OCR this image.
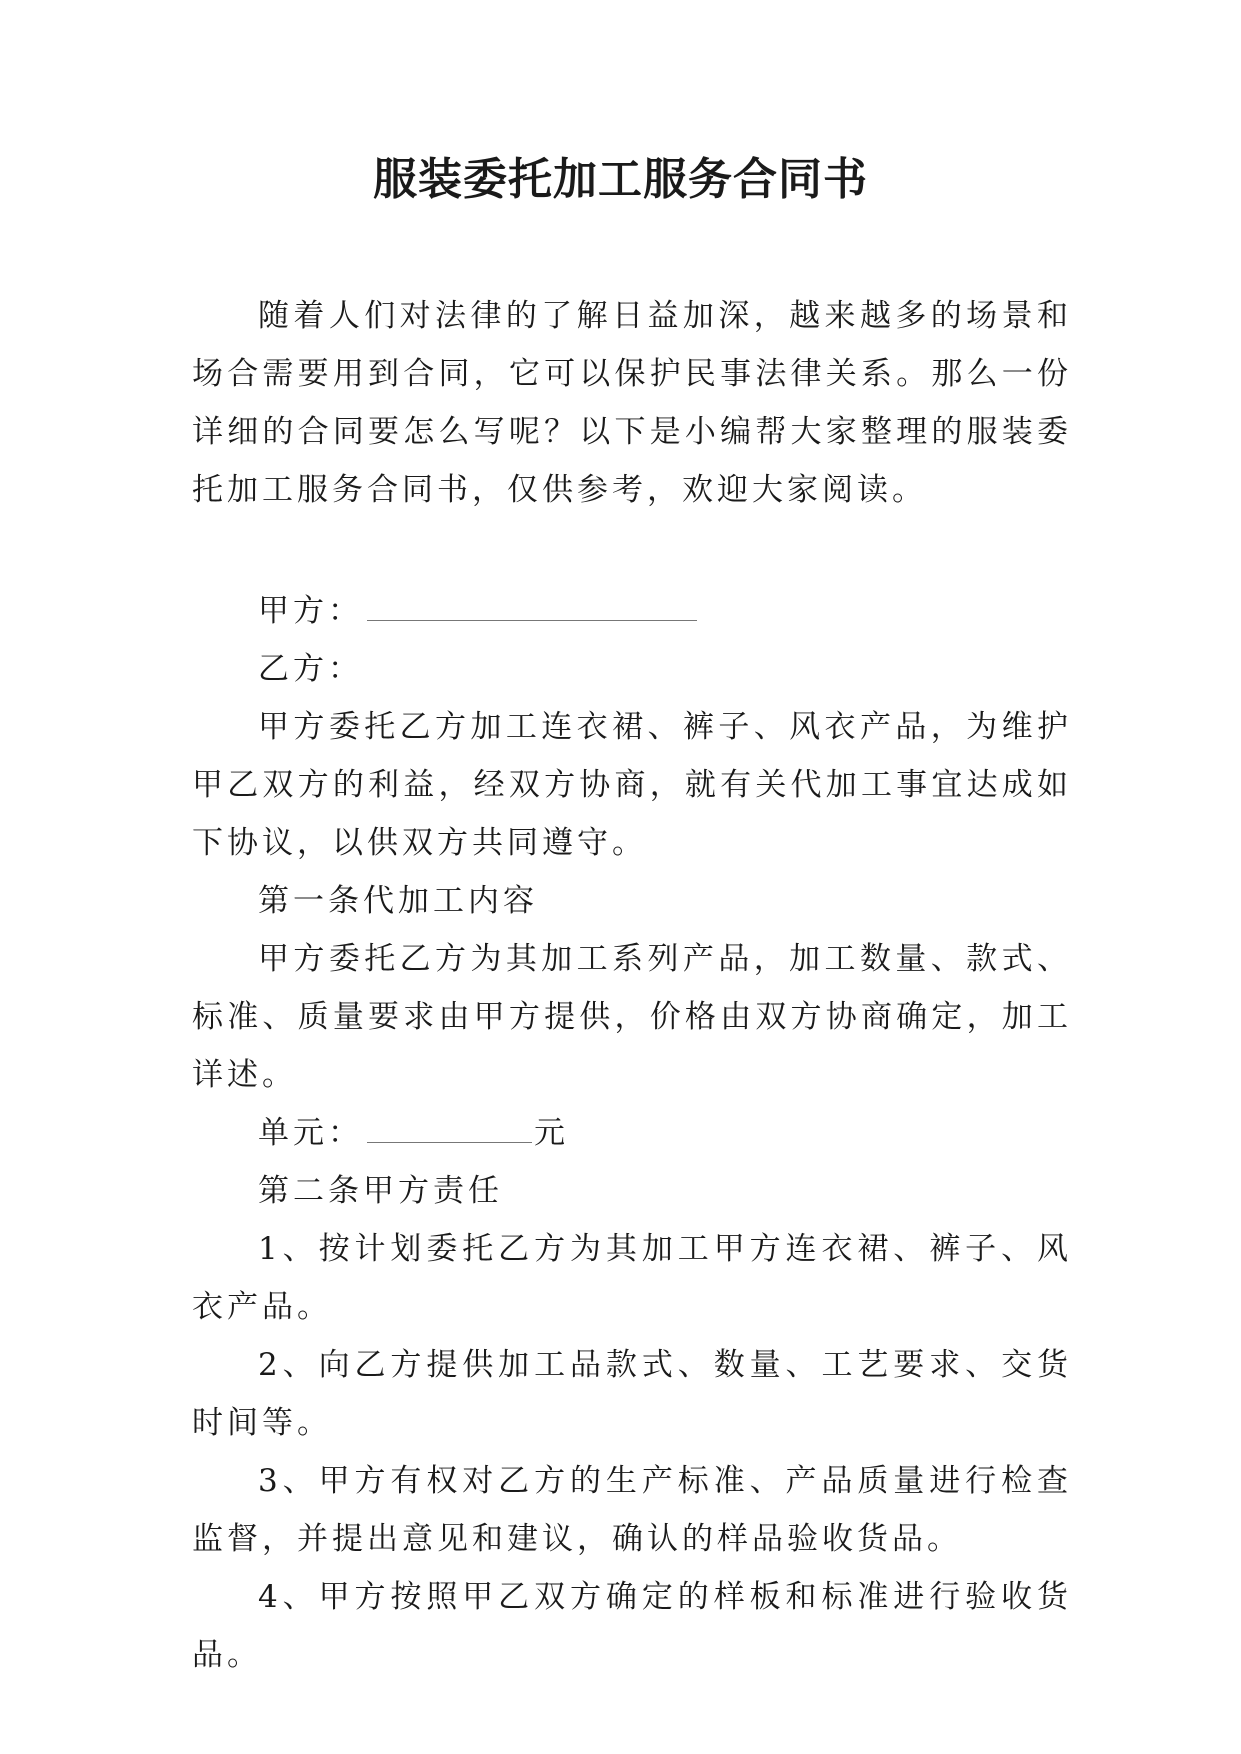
服装委托加工服务合同书

随着人们对法律的了解日益加深，越来越多的场景和场合需要用到合同，它可以保护民事法律关系。那么一份详细的合同要怎么写呢？以下是小编帮大家整理的服装委托加工服务合同书，仅供参考，欢迎大家阅读。

甲方：

乙方：

甲方委托乙方加工连衣裙、裤子、风衣产品，为维护甲乙双方的利益，经双方协商，就有关代加工事宜达成如下协议，以供双方共同遵守。

第一条代加工内容

甲方委托乙方为其加工系列产品，加工数量、款式、标准、质量要求由甲方提供，价格由双方协商确定，加工详述。

单元：	元

第二条甲方责任

1、按计划委托乙方为其加工甲方连衣裙、裤子、风衣产品。

2、向乙方提供加工品款式、数量、工艺要求、交货时间等。

3、甲方有权对乙方的生产标准、产品质量进行检查监督，并提出意见和建议，确认的样品验收货品。

4、甲方按照甲乙双方确定的样板和标准进行验收货品。
